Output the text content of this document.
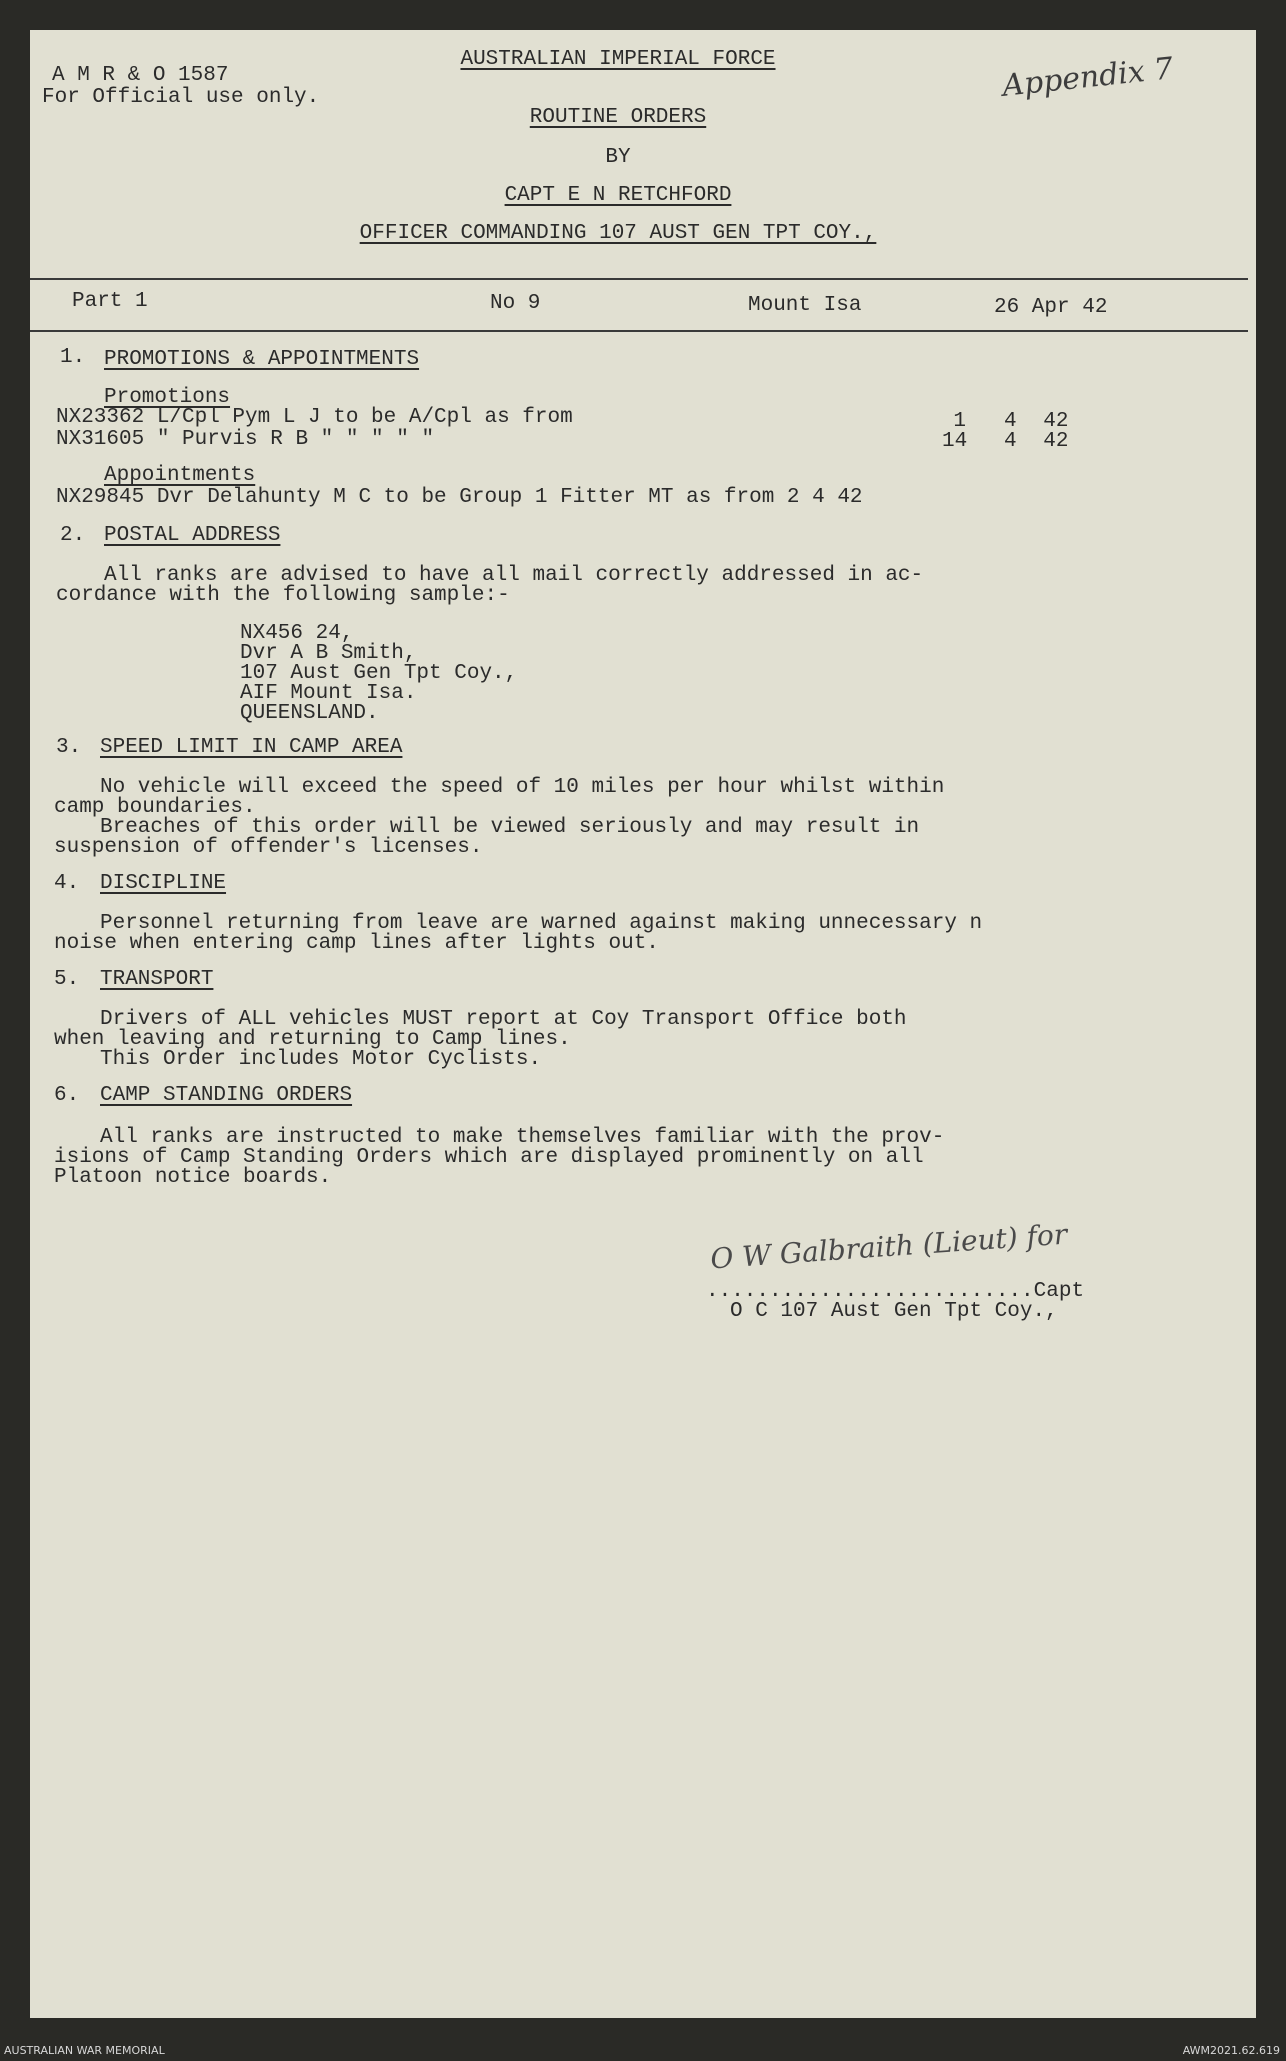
A M R & O 1587
For Official use only.
AUSTRALIAN IMPERIAL FORCE	Appendix 7
ROUTINE ORDERS
BY
CAPT E N RETCHFORD
OFFICER COMMANDING 107 AUST GEN TPT COY.,
Part 1	No 9	Mount Isa	26 Apr 42
1. PROMOTIONS & APPOINTMENTS
Promotions
NX23362 L/Cpl Pym L J to be A/Cpl as from	1 4 42
NX31605 " Purvis R B " " " " "	14 4 42
Appointments
NX29845 Dvr Delahunty M C to be Group 1 Fitter MT as from 2 4 42
2. POSTAL ADDRESS
All ranks are advised to have all mail correctly addressed in ac-
cordance with the following sample:-
NX456 24,
Dvr A B Smith,
107 Aust Gen Tpt Coy.,
AIF Mount Isa.
QUEENSLAND.
3. SPEED LIMIT IN CAMP AREA
No vehicle will exceed the speed of 10 miles per hour whilst within
camp boundaries.
Breaches of this order will be viewed seriously and may result in
suspension of offender's licenses.
4. DISCIPLINE
Personnel returning from leave are warned against making unnecessary n
noise when entering camp lines after lights out.
5. TRANSPORT
Drivers of ALL vehicles MUST report at Coy Transport Office both
when leaving and returning to Camp lines.
This Order includes Motor Cyclists.
6. CAMP STANDING ORDERS
All ranks are instructed to make themselves familiar with the prov-
isions of Camp Standing Orders which are displayed prominently on all
Platoon notice boards.
O W Galbraith (Lieut) for
..........................Capt
O C 107 Aust Gen Tpt Coy.,
AUSTRALIAN WAR MEMORIAL	AWM2021.62.619
